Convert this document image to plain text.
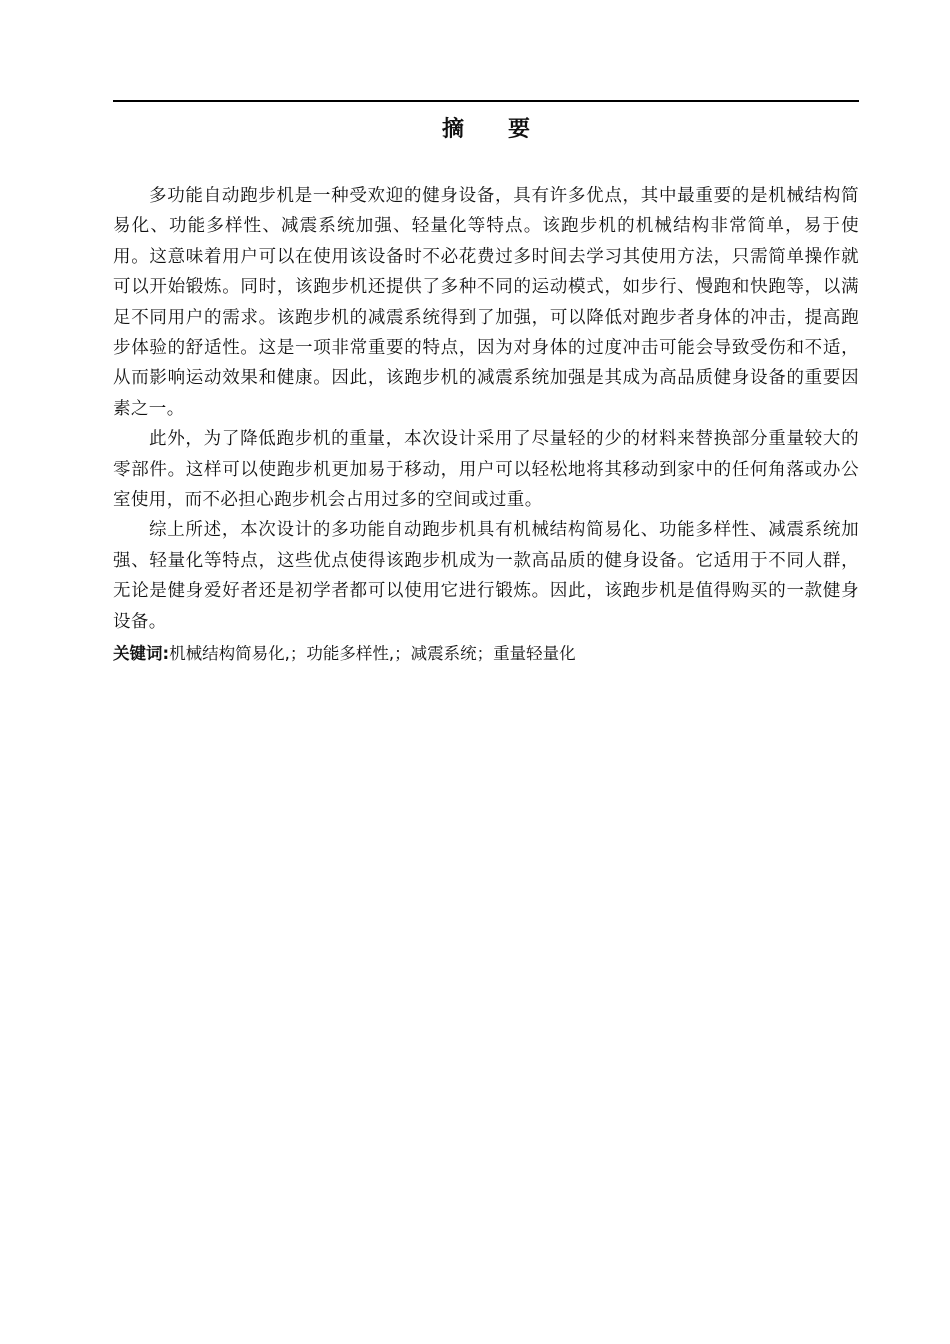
摘 要

多功能自动跑步机是一种受欢迎的健身设备，具有许多优点，其中最重要的是机械结构简易化、功能多样性、减震系统加强、轻量化等特点。该跑步机的机械结构非常简单，易于使用。这意味着用户可以在使用该设备时不必花费过多时间去学习其使用方法，只需简单操作就可以开始锻炼。同时，该跑步机还提供了多种不同的运动模式，如步行、慢跑和快跑等，以满足不同用户的需求。该跑步机的减震系统得到了加强，可以降低对跑步者身体的冲击，提高跑步体验的舒适性。这是一项非常重要的特点，因为对身体的过度冲击可能会导致受伤和不适，从而影响运动效果和健康。因此，该跑步机的减震系统加强是其成为高品质健身设备的重要因素之一。

此外，为了降低跑步机的重量，本次设计采用了尽量轻的少的材料来替换部分重量较大的零部件。这样可以使跑步机更加易于移动，用户可以轻松地将其移动到家中的任何角落或办公室使用，而不必担心跑步机会占用过多的空间或过重。

综上所述，本次设计的多功能自动跑步机具有机械结构简易化、功能多样性、减震系统加强、轻量化等特点，这些优点使得该跑步机成为一款高品质的健身设备。它适用于不同人群，无论是健身爱好者还是初学者都可以使用它进行锻炼。因此，该跑步机是值得购买的一款健身设备。

关键词:机械结构简易化,；功能多样性,；减震系统；重量轻量化
